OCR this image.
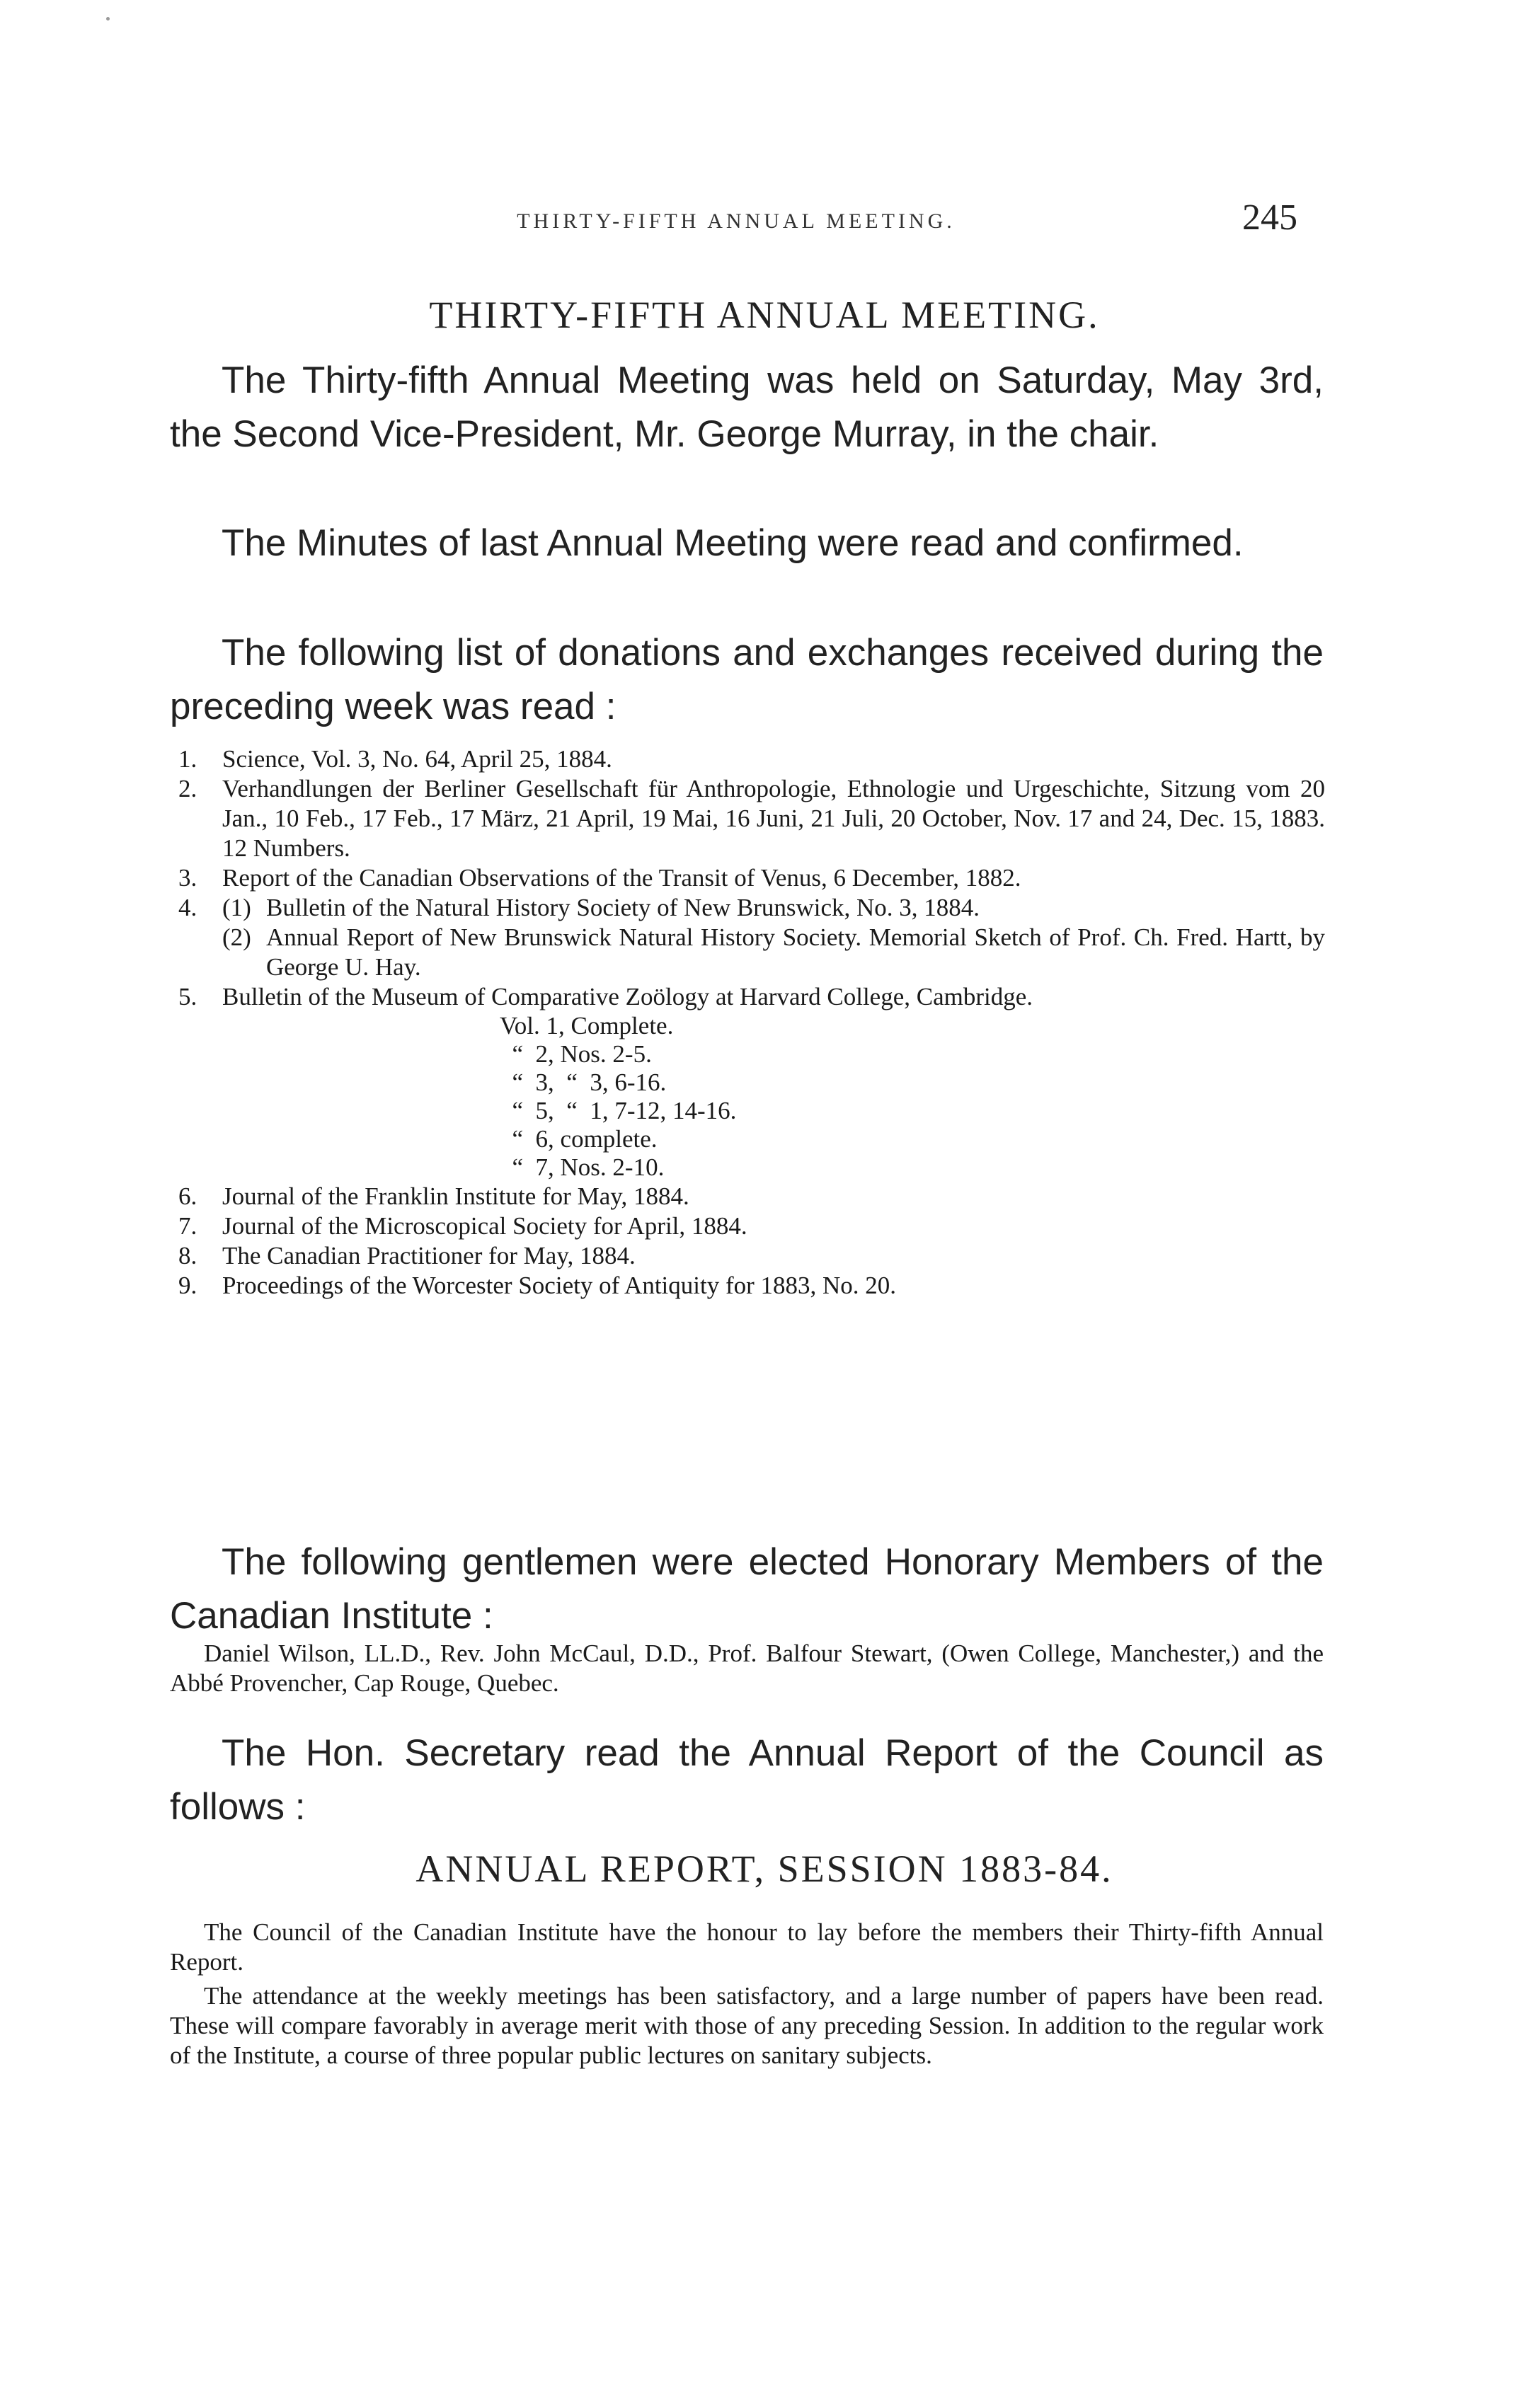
THIRTY-FIFTH ANNUAL MEETING.	245
THIRTY-FIFTH ANNUAL MEETING.

The Thirty-fifth Annual Meeting was held on Saturday, May 3rd, the Second Vice-President, Mr. George Murray, in the chair.

The Minutes of last Annual Meeting were read and confirmed.

The following list of donations and exchanges received during the preceding week was read :

1. Science, Vol. 3, No. 64, April 25, 1884.
2. Verhandlungen der Berliner Gesellschaft für Anthropologie, Ethnologie und Urgeschichte, Sitzung vom 20 Jan., 10 Feb., 17 Feb., 17 März, 21 April, 19 Mai, 16 Juni, 21 Juli, 20 October, Nov. 17 and 24, Dec. 15, 1883. 12 Numbers.
3. Report of the Canadian Observations of the Transit of Venus, 6 December, 1882.
4. (1) Bulletin of the Natural History Society of New Brunswick, No. 3, 1884.
(2) Annual Report of New Brunswick Natural History Society. Memorial Sketch of Prof. Ch. Fred. Hartt, by George U. Hay.
5. Bulletin of the Museum of Comparative Zoölogy at Harvard College, Cambridge.
Vol. 1, Complete.
“  2, Nos. 2-5.
“  3,  “  3, 6-16.
“  5,  “  1, 7-12, 14-16.
“  6, complete.
“  7, Nos. 2-10.
6. Journal of the Franklin Institute for May, 1884.
7. Journal of the Microscopical Society for April, 1884.
8. The Canadian Practitioner for May, 1884.
9. Proceedings of the Worcester Society of Antiquity for 1883, No. 20.

The following gentlemen were elected Honorary Members of the Canadian Institute :

Daniel Wilson, LL.D., Rev. John McCaul, D.D., Prof. Balfour Stewart, (Owen College, Manchester,) and the Abbé Provencher, Cap Rouge, Quebec.

The Hon. Secretary read the Annual Report of the Council as follows :

ANNUAL REPORT, SESSION 1883-84.

The Council of the Canadian Institute have the honour to lay before the members their Thirty-fifth Annual Report.

The attendance at the weekly meetings has been satisfactory, and a large number of papers have been read. These will compare favorably in average merit with those of any preceding Session. In addition to the regular work of the Institute, a course of three popular public lectures on sanitary subjects.
